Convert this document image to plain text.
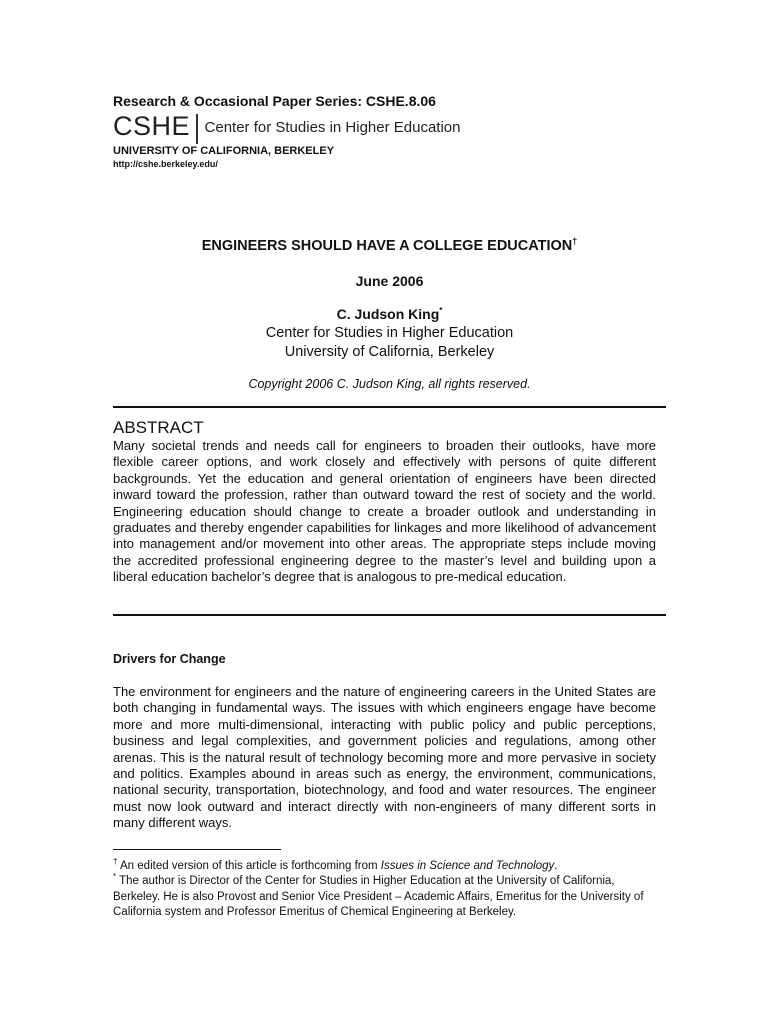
Research & Occasional Paper Series: CSHE.8.06
CSHE Center for Studies in Higher Education
UNIVERSITY OF CALIFORNIA, BERKELEY
http://cshe.berkeley.edu/
ENGINEERS SHOULD HAVE A COLLEGE EDUCATION†
June 2006
C. Judson King*
Center for Studies in Higher Education
University of California, Berkeley
Copyright 2006 C. Judson King, all rights reserved.
ABSTRACT

Many societal trends and needs call for engineers to broaden their outlooks, have more flexible career options, and work closely and effectively with persons of quite different backgrounds. Yet the education and general orientation of engineers have been directed inward toward the profession, rather than outward toward the rest of society and the world. Engineering education should change to create a broader outlook and understanding in graduates and thereby engender capabilities for linkages and more likelihood of advancement into management and/or movement into other areas. The appropriate steps include moving the accredited professional engineering degree to the master’s level and building upon a liberal education bachelor’s degree that is analogous to pre-medical education.

Drivers for Change

The environment for engineers and the nature of engineering careers in the United States are both changing in fundamental ways. The issues with which engineers engage have become more and more multi-dimensional, interacting with public policy and public perceptions, business and legal complexities, and government policies and regulations, among other arenas. This is the natural result of technology becoming more and more pervasive in society and politics. Examples abound in areas such as energy, the environment, communications, national security, transportation, biotechnology, and food and water resources. The engineer must now look outward and interact directly with non-engineers of many different sorts in many different ways.

† An edited version of this article is forthcoming from Issues in Science and Technology.

* The author is Director of the Center for Studies in Higher Education at the University of California, Berkeley. He is also Provost and Senior Vice President – Academic Affairs, Emeritus for the University of California system and Professor Emeritus of Chemical Engineering at Berkeley.
